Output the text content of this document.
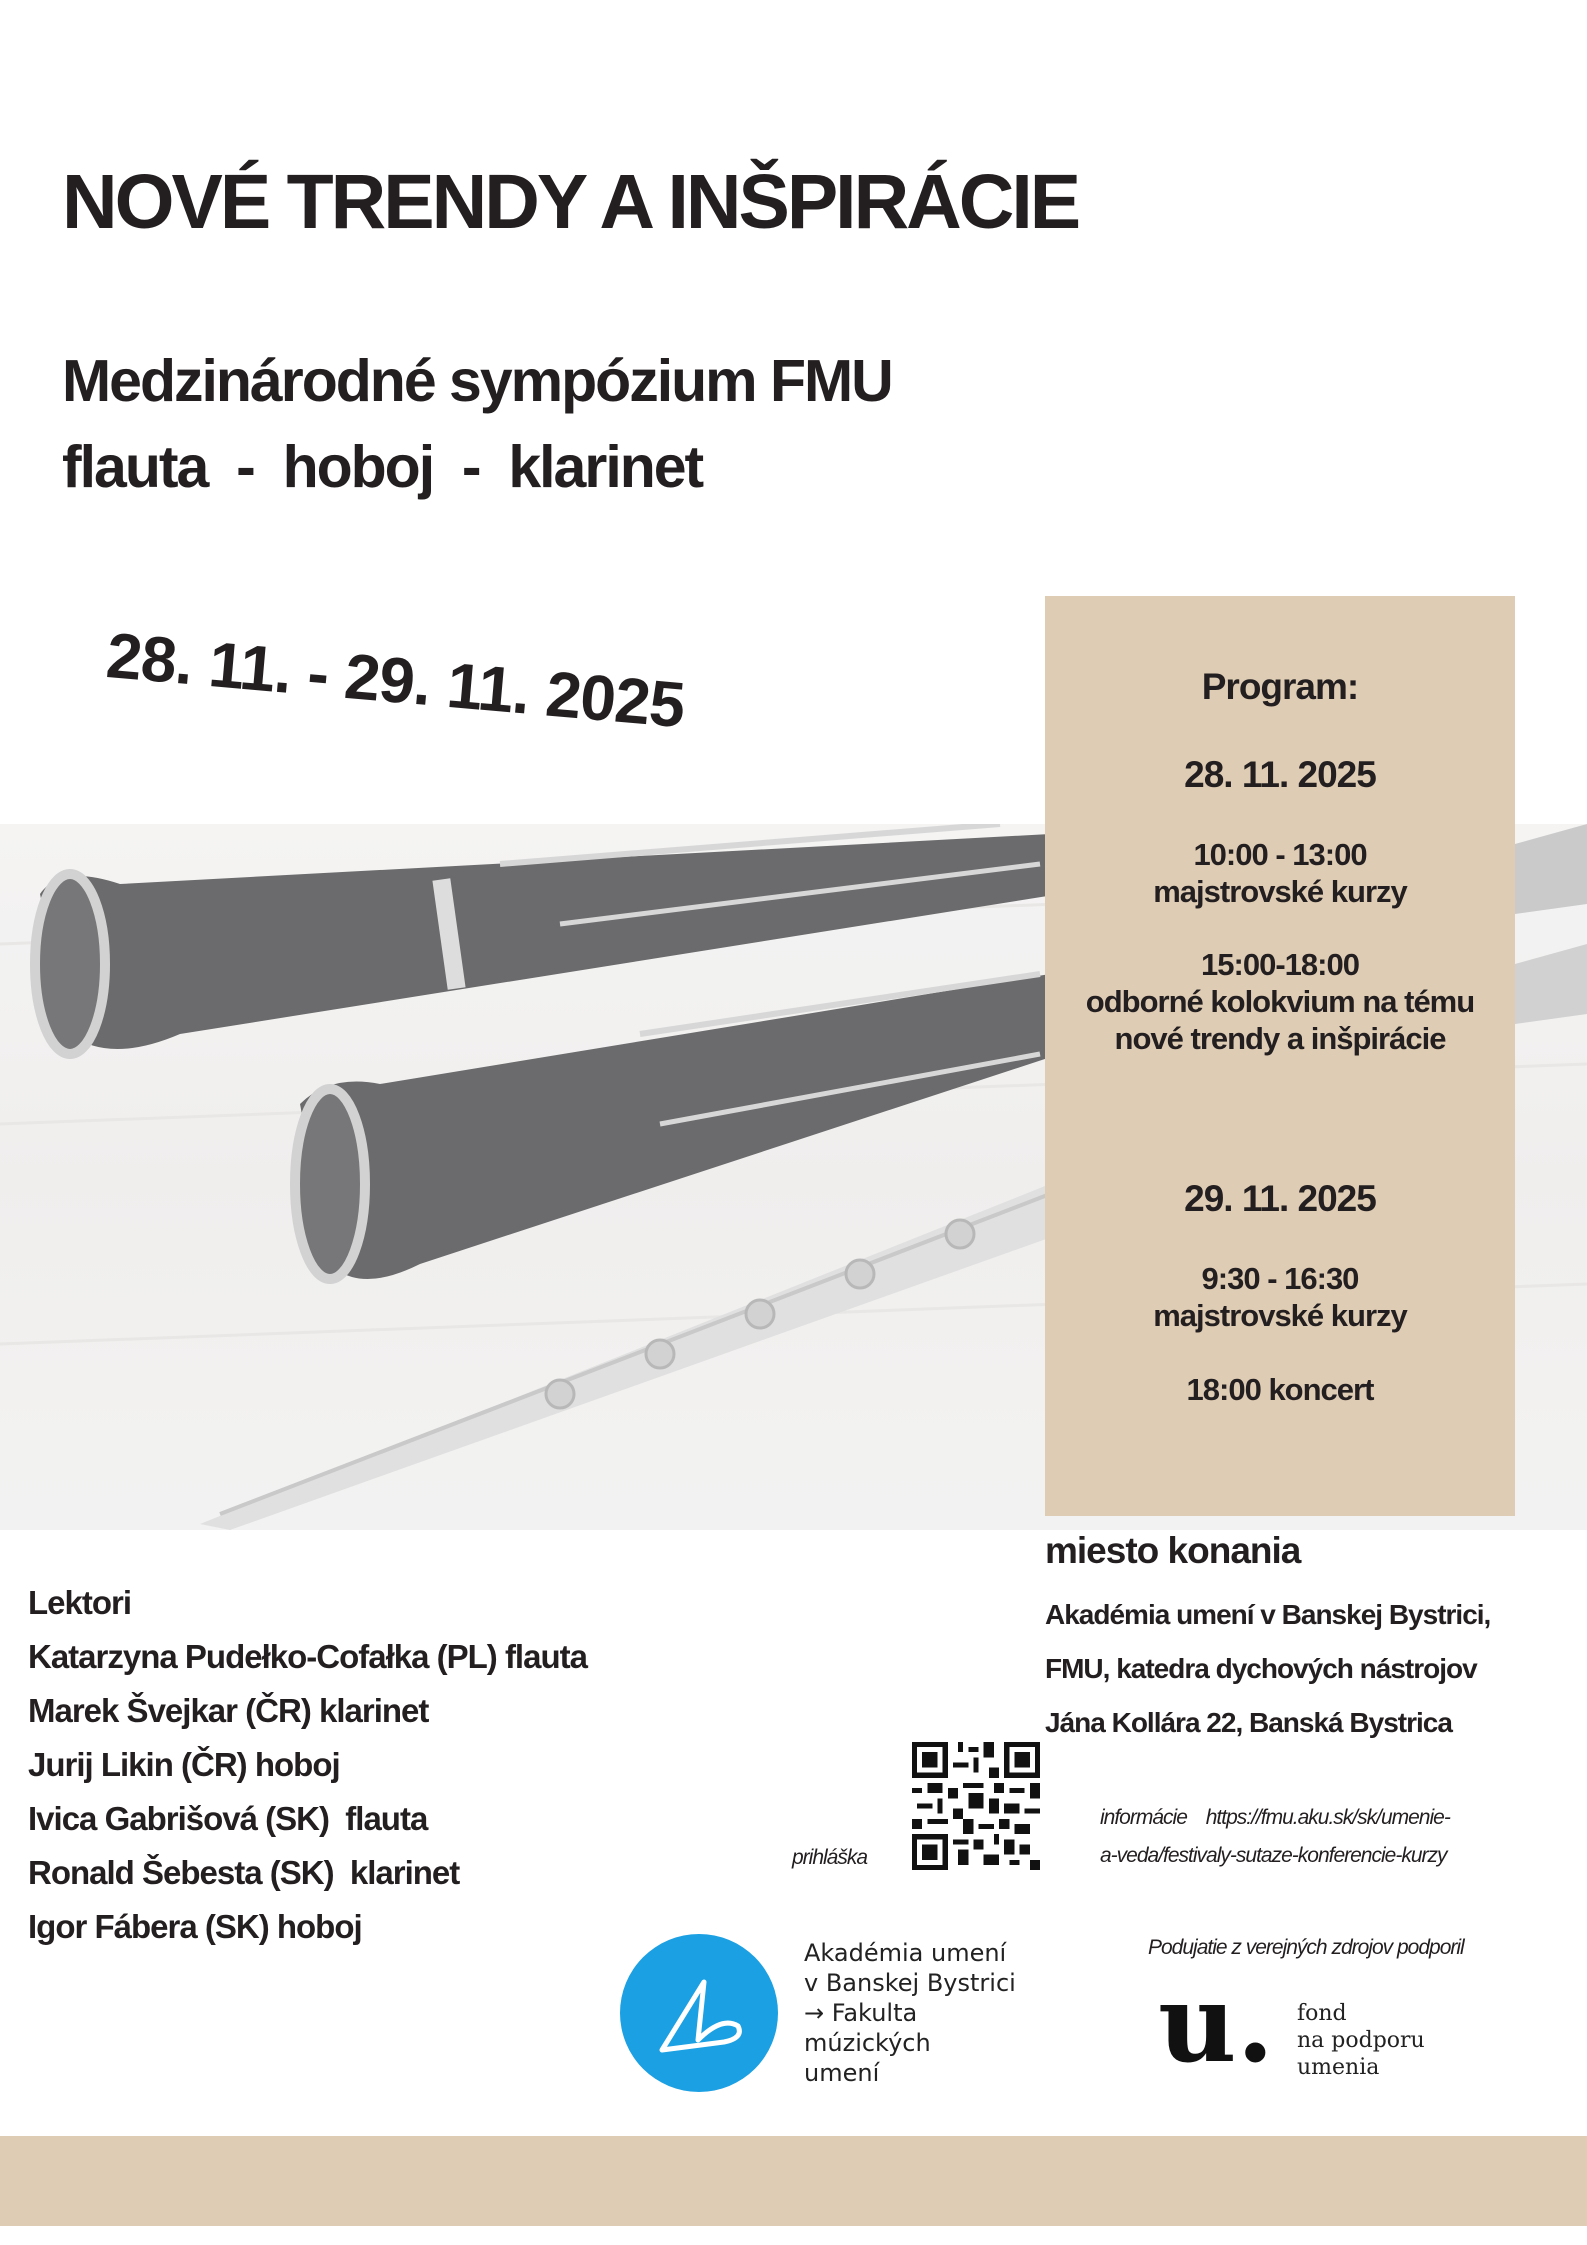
NOVÉ TRENDY A INŠPIRÁCIE
Medzinárodné sympózium FMU
flauta  -  hoboj  -  klarinet
28. 11. - 29. 11. 2025	Program:
28. 11. 2025
10:00 - 13:00
majstrovské kurzy
15:00-18:00
odborné kolokvium na tému
nové trendy a inšpirácie
29. 11. 2025
9:30 - 16:30
majstrovské kurzy
18:00 koncert
Lektori
Katarzyna Pudełko-Cofałka (PL) flauta
Marek Švejkar (ČR) klarinet
Jurij Likin (ČR) hoboj
Ivica Gabrišová (SK)  flauta
Ronald Šebesta (SK)  klarinet
Igor Fábera (SK) hoboj
miesto konania
Akadémia umení v Banskej Bystrici,
FMU, katedra dychových nástrojov
Jána Kollára 22, Banská Bystrica
prihláška
informácie https://fmu.aku.sk/sk/umenie-
a-veda/festivaly-sutaze-konferencie-kurzy
Akadémia umení
v Banskej Bystrici
→ Fakulta
múzických
umení
Podujatie z verejných zdrojov podporil
u. fond
na podporu
umenia
